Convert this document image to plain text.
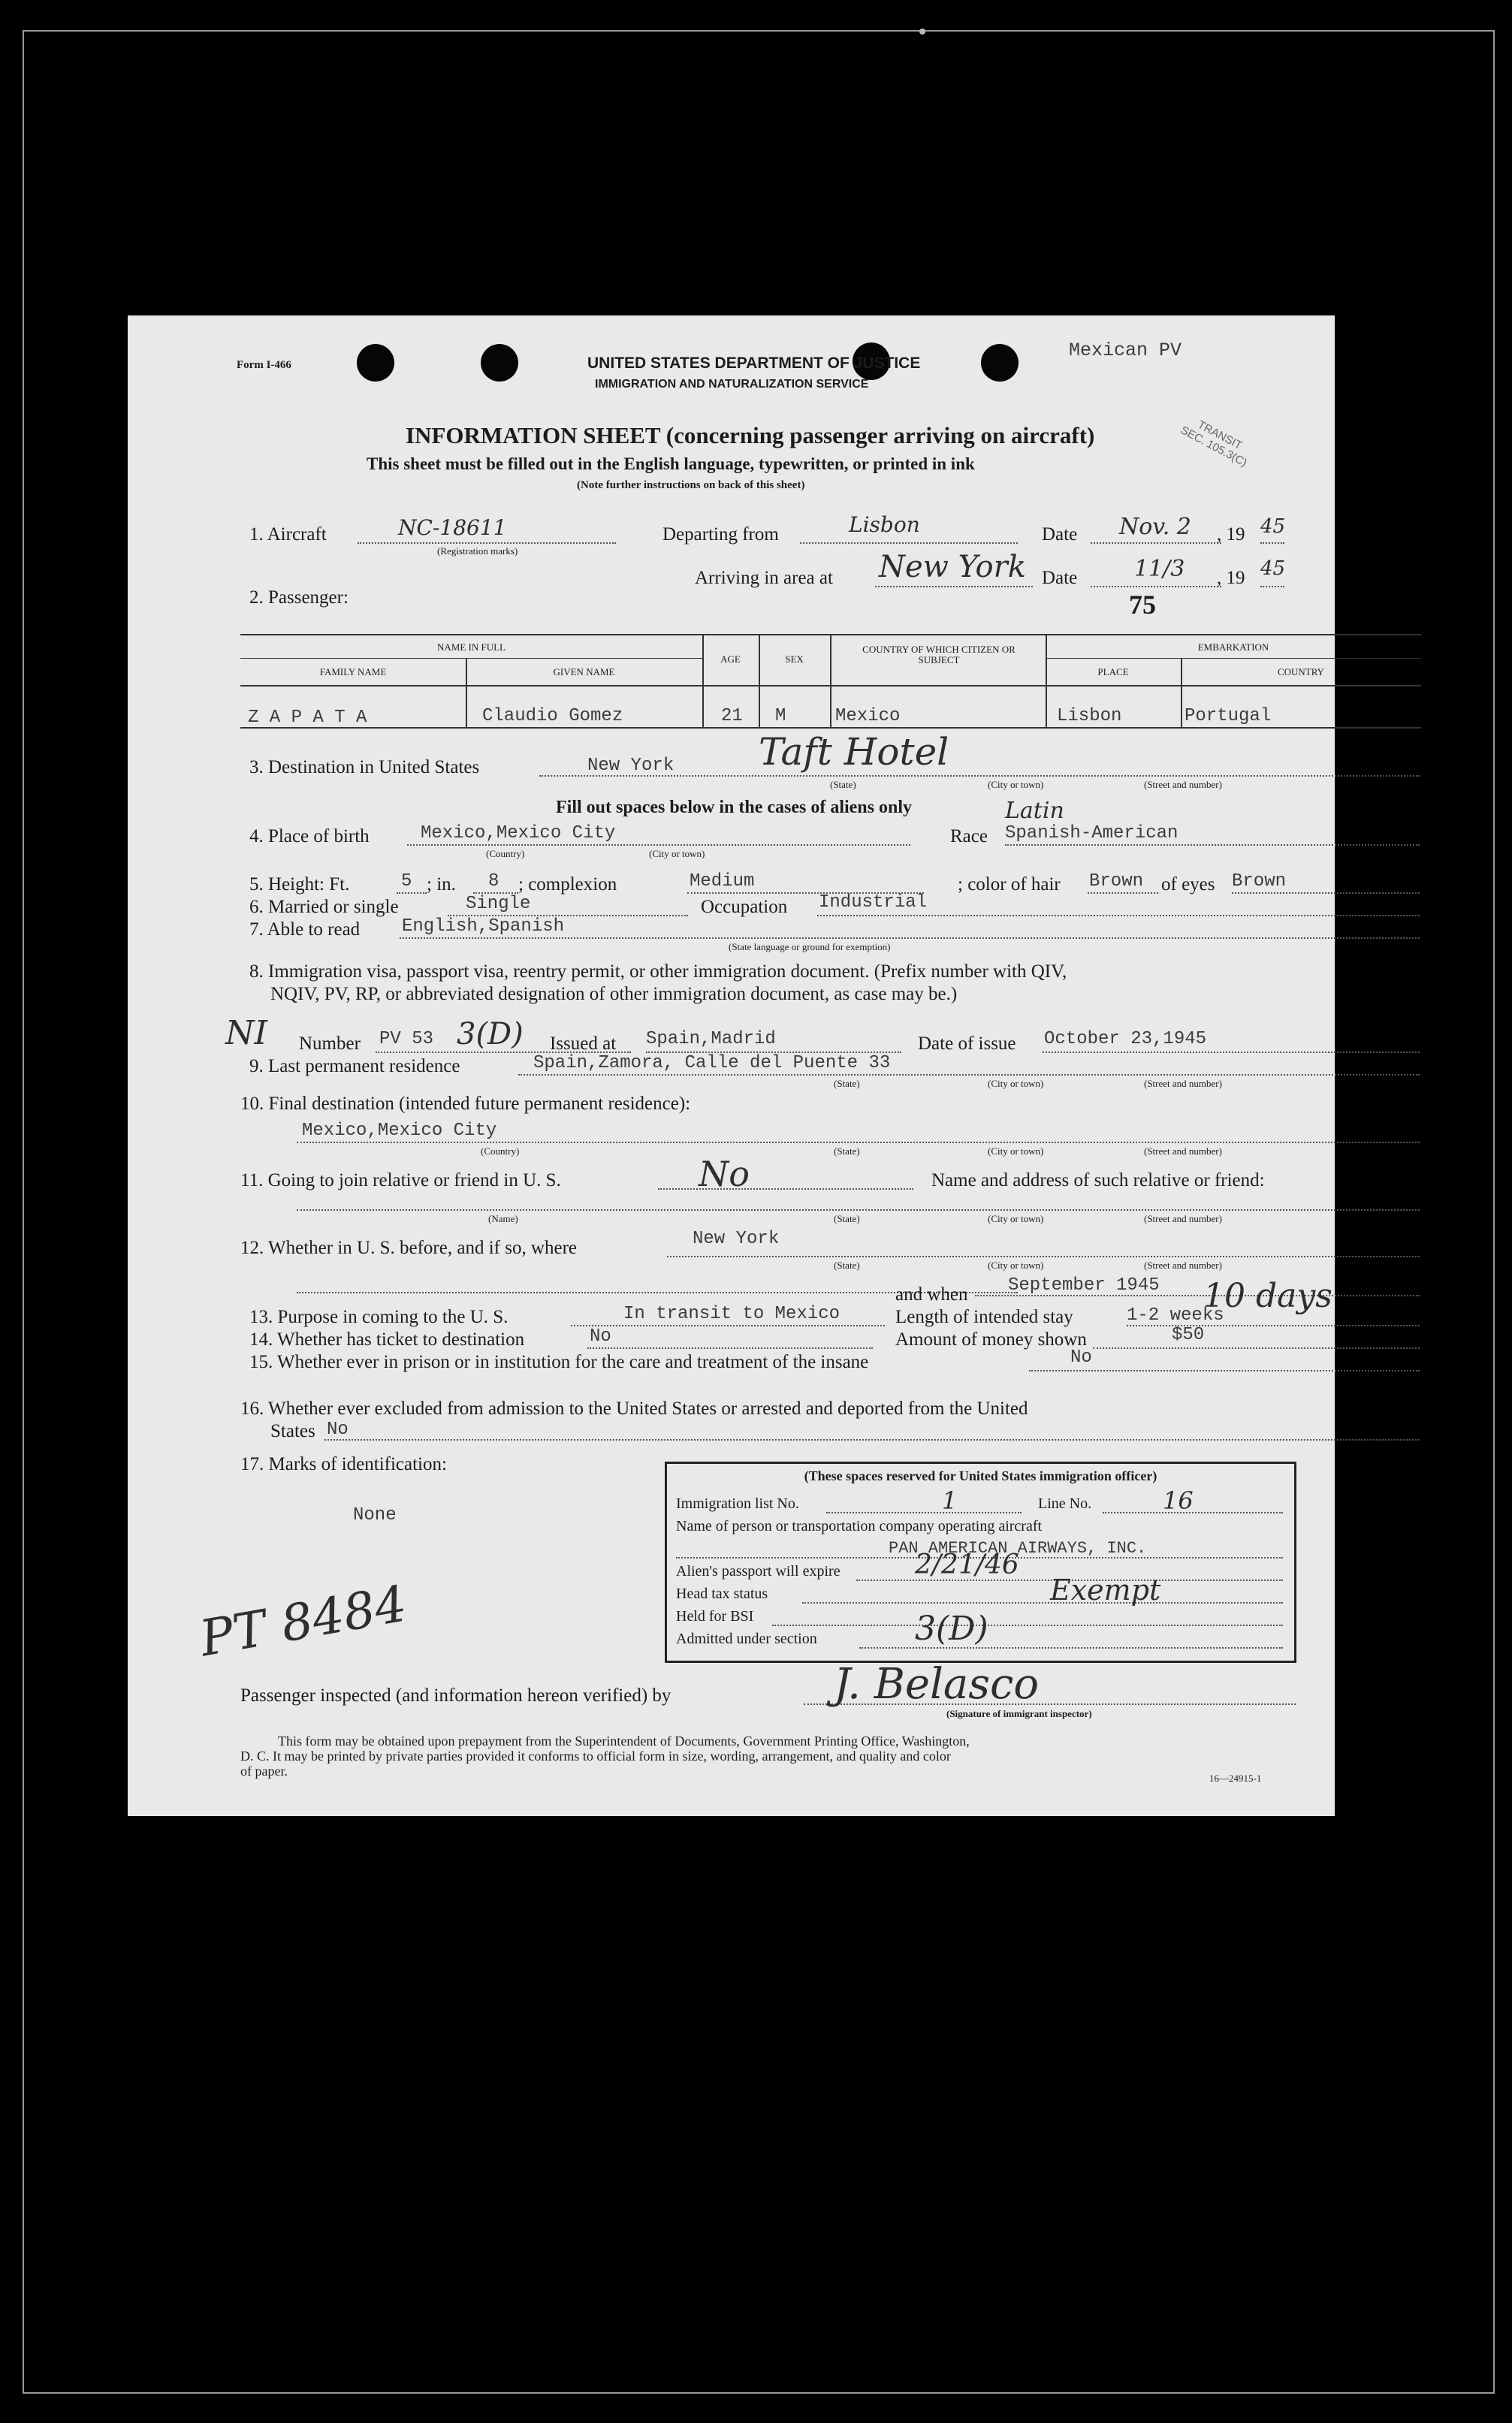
Form I-466	UNITED STATES DEPARTMENT OF JUSTICE
IMMIGRATION AND NATURALIZATION SERVICE
Mexican PV
TRANSIT SEC. 105.3(C)
INFORMATION SHEET (concerning passenger arriving on aircraft)
This sheet must be filled out in the English language, typewritten, or printed in ink
(Note further instructions on back of this sheet)
1. Aircraft	NC-18611
(Registration marks)
Departing from	Lisbon	Date Nov. 2 , 19 45
2. Passenger:
Arriving in area at New York Date	11/3 , 19 45
75
NAME IN FULL
FAMILY NAME	GIVEN NAME
AGE	SEX
COUNTRY OF WHICH CITIZEN OR SUBJECT
EMBARKATION
PLACE	COUNTRY
Z A P A T A	Claudio Gomez	21 M	Mexico	Lisbon	Portugal
3. Destination in United States	New York Taft Hotel
(State)	(City or town)	(Street and number)
Fill out spaces below in the cases of aliens only
4. Place of birth	Mexico,Mexico City
(Country)	(City or town)
Race Spanish-American
Latin
5. Height: Ft.	5 ; in. 8 ; complexion	Medium	; color of hair Brown of eyes Brown
6. Married or single	Single	Occupation Industrial
7. Able to read English,Spanish
(State language or ground for exemption)
8. Immigration visa, passport visa, reentry permit, or other immigration document. (Prefix number with QIV,
NQIV, PV, RP, or abbreviated designation of other immigration document, as case may be.)
NI Number PV 53 3(D) Issued at Spain,Madrid	Date of issue October 23,1945
9. Last permanent residence	Spain,Zamora, Calle del Puente 33
(State)	(City or town)	(Street and number)
10. Final destination (intended future permanent residence):
Mexico,Mexico City
(Country)	(State)	(City or town)	(Street and number)
11. Going to join relative or friend in U. S.	No	Name and address of such relative or friend:
(Name)	(State)	(City or town)	(Street and number)
12. Whether in U. S. before, and if so, where	New York
(State)	(City or town)	(Street and number)
and when September 1945
13. Purpose in coming to the U. S.	In transit to Mexico	Length of intended stay	1-2 weeks
10 days
14. Whether has ticket to destination	No	Amount of money shown	$50
15. Whether ever in prison or in institution for the care and treatment of the insane	No
16. Whether ever excluded from admission to the United States or arrested and deported from the United
States No
17. Marks of identification:
None
PT 8484
(These spaces reserved for United States immigration officer)
Immigration list No.	1	Line No.	16
Name of person or transportation company operating aircraft
PAN AMERICAN AIRWAYS, INC.
Alien's passport will expire	2/21/46
Head tax status	Exempt
Held for BSI
Admitted under section	3(D)
Passenger inspected (and information hereon verified) by	J. Belasco
(Signature of immigrant inspector)
This form may be obtained upon prepayment from the Superintendent of Documents, Government Printing Office, Washington,
D. C. It may be printed by private parties provided it conforms to official form in size, wording, arrangement, and quality and color
of paper.	16—24915-1
